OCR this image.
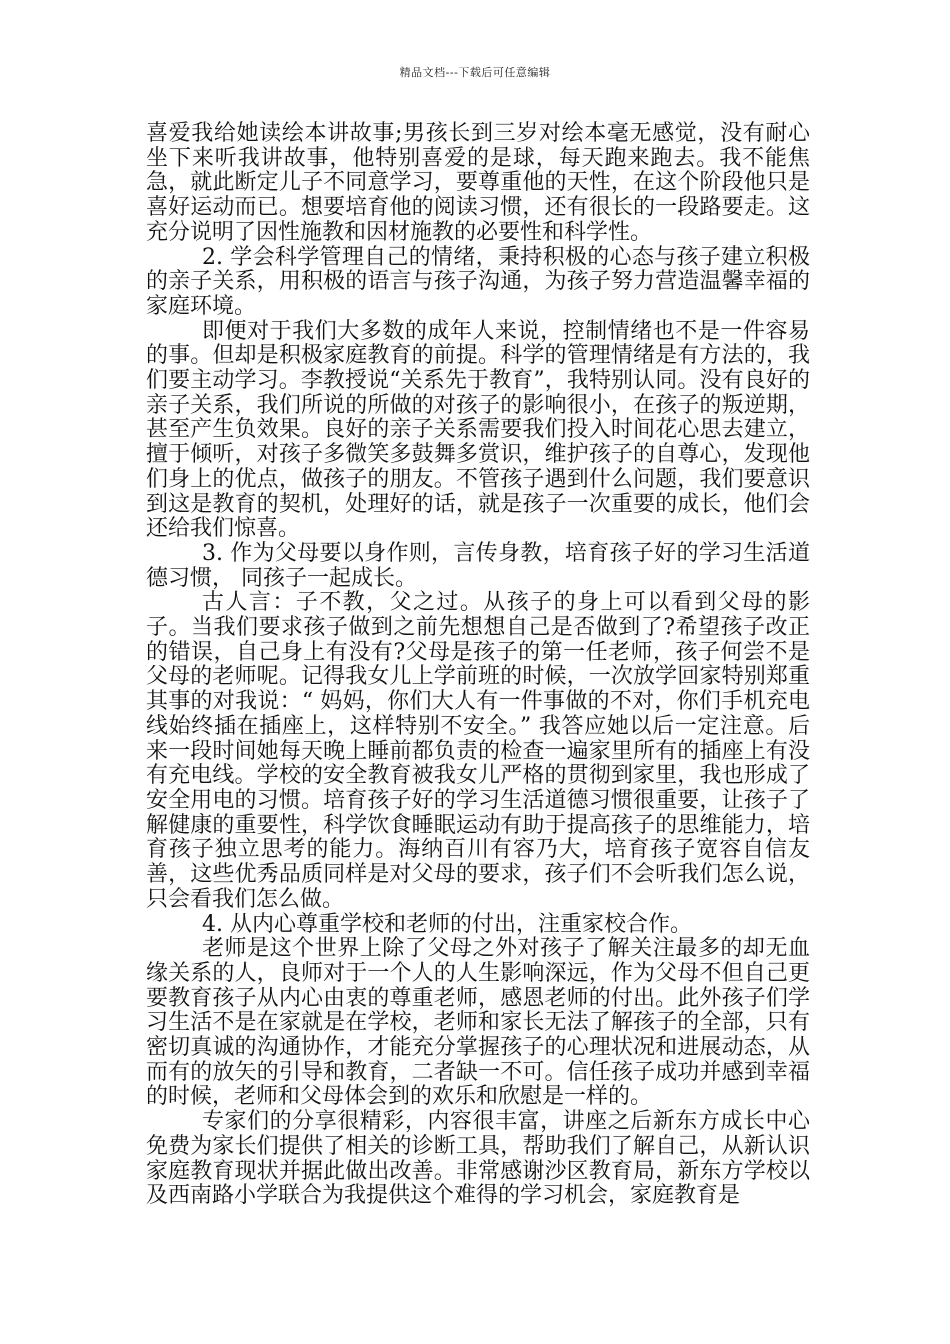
精品文档---下载后可任意编辑

喜爱我给她读绘本讲故事;男孩长到三岁对绘本毫无感觉，没有耐心坐下来听我讲故事，他特别喜爱的是球，每天跑来跑去。我不能焦急，就此断定儿子不同意学习，要尊重他的天性，在这个阶段他只是喜好运动而已。想要培育他的阅读习惯，还有很长的一段路要走。这充分说明了因性施教和因材施教的必要性和科学性。

2. 学会科学管理自己的情绪，秉持积极的心态与孩子建立积极的亲子关系，用积极的语言与孩子沟通，为孩子努力营造温馨幸福的家庭环境。

即便对于我们大多数的成年人来说，控制情绪也不是一件容易的事。但却是积极家庭教育的前提。科学的管理情绪是有方法的，我们要主动学习。李教授说“关系先于教育”，我特别认同。没有良好的亲子关系，我们所说的所做的对孩子的影响很小，在孩子的叛逆期，甚至产生负效果。良好的亲子关系需要我们投入时间花心思去建立，擅于倾听，对孩子多微笑多鼓舞多赏识，维护孩子的自尊心，发现他们身上的优点，做孩子的朋友。不管孩子遇到什么问题，我们要意识到这是教育的契机，处理好的话，就是孩子一次重要的成长，他们会还给我们惊喜。

3. 作为父母要以身作则，言传身教，培育孩子好的学习生活道德习惯， 同孩子一起成长。

古人言：子不教，父之过。从孩子的身上可以看到父母的影子。当我们要求孩子做到之前先想想自己是否做到了?希望孩子改正的错误，自己身上有没有?父母是孩子的第一任老师，孩子何尝不是父母的老师呢。记得我女儿上学前班的时候，一次放学回家特别郑重其事的对我说：“ 妈妈，你们大人有一件事做的不对，你们手机充电线始终插在插座上，这样特别不安全。” 我答应她以后一定注意。后来一段时间她每天晚上睡前都负责的检查一遍家里所有的插座上有没有充电线。学校的安全教育被我女儿严格的贯彻到家里，我也形成了安全用电的习惯。培育孩子好的学习生活道德习惯很重要，让孩子了解健康的重要性，科学饮食睡眠运动有助于提高孩子的思维能力，培育孩子独立思考的能力。海纳百川有容乃大，培育孩子宽容自信友善，这些优秀品质同样是对父母的要求，孩子们不会听我们怎么说，只会看我们怎么做。

4. 从内心尊重学校和老师的付出，注重家校合作。

老师是这个世界上除了父母之外对孩子了解关注最多的却无血缘关系的人，良师对于一个人的人生影响深远，作为父母不但自己更要教育孩子从内心由衷的尊重老师，感恩老师的付出。此外孩子们学习生活不是在家就是在学校，老师和家长无法了解孩子的全部，只有密切真诚的沟通协作，才能充分掌握孩子的心理状况和进展动态，从而有的放矢的引导和教育，二者缺一不可。信任孩子成功并感到幸福的时候，老师和父母体会到的欢乐和欣慰是一样的。

专家们的分享很精彩，内容很丰富，讲座之后新东方成长中心免费为家长们提供了相关的诊断工具，帮助我们了解自己，从新认识家庭教育现状并据此做出改善。非常感谢沙区教育局，新东方学校以及西南路小学联合为我提供这个难得的学习机会，家庭教育是
